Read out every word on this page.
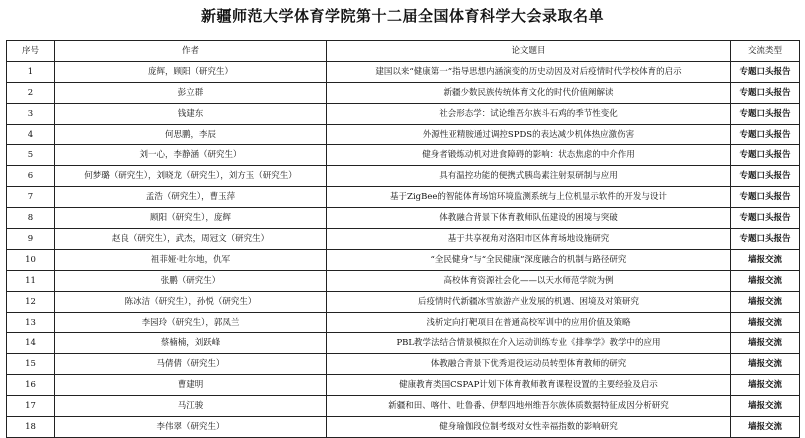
新疆师范大学体育学院第十二届全国体育科学大会录取名单
序号	作者	论文题目	交流类型
1	庞辉，顾阳（研究生）	建国以来“健康第一”指导思想内涵演变的历史动因及对后疫情时代学校体育的启示	专题口头报告
2	彭立群	新疆少数民族传统体育文化的时代价值阐解读	专题口头报告
3	钱建东	社会形态学：试论维吾尔族斗石鸡的季节性变化	专题口头报告
4	何思鹏，李辰	外源性亚精胺通过调控SPDS的表达减少机体热应激伤害	专题口头报告
5	刘一心，李静涵（研究生）	健身者锻炼动机对进食障碍的影响：状态焦虑的中介作用	专题口头报告
6	何梦璐（研究生），刘晓龙（研究生），刘方玉（研究生）	具有温控功能的便携式胰岛素注射泵研制与应用	专题口头报告
7	孟浩（研究生），曹玉萍	基于ZigBee的智能体育场馆环境监测系统与上位机显示软件的开发与设计	专题口头报告
8	顾阳（研究生），庞辉	体教融合背景下体育教师队伍建设的困境与突破	专题口头报告
9	赵良（研究生），武杰，周冠文（研究生）	基于共享视角对洛阳市区体育场地设施研究	专题口头报告
10	祖菲娅·吐尔地，仇军	“全民健身”与“全民健康”深度融合的机制与路径研究	墙报交流
11	张鹏（研究生）	高校体育资源社会化——以天水师范学院为例	墙报交流
12	陈冰洁（研究生），孙悦（研究生）	后疫情时代新疆冰雪旅游产业发展的机遇、困境及对策研究	墙报交流
13	李园玲（研究生），郭凤兰	浅析定向打靶项目在普通高校军训中的应用价值及策略	墙报交流
14	蔡楠楠，刘跃峰	PBL教学法结合情景模拟在介入运动训练专业《排拳学》教学中的应用	墙报交流
15	马倩倩（研究生）	体教融合背景下优秀退役运动员转型体育教师的研究	墙报交流
16	曹建明	健康教育类国CSPAP计划下体育教师教育课程设置的主要经验及启示	墙报交流
17	马江骏	新疆和田、喀什、吐鲁番、伊犁四地州维吾尔族体质数据特征成因分析研究	墙报交流
18	李伟翠（研究生）	健身瑜伽段位制考级对女性幸福指数的影响研究	墙报交流
